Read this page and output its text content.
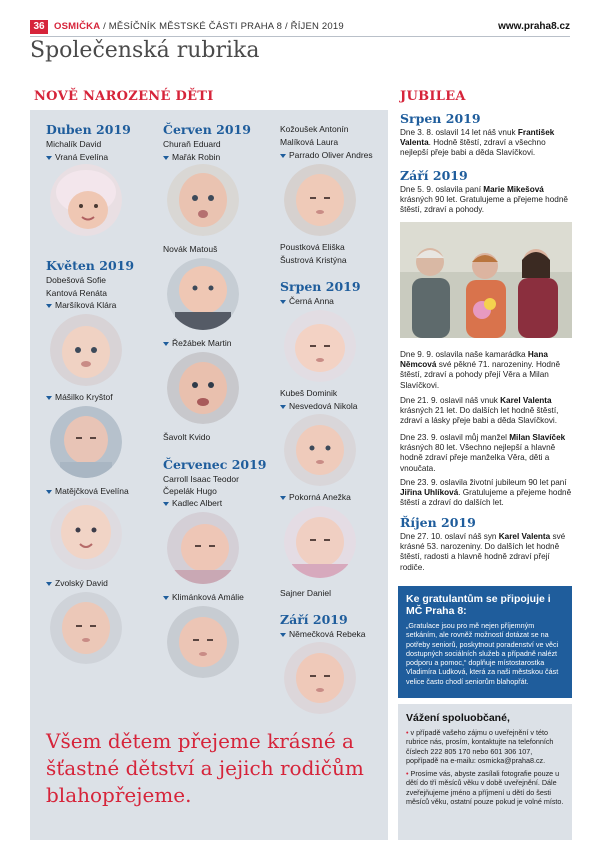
36 OSMIČKA / MĚSÍČNÍK MĚSTSKÉ ČÁSTI PRAHA 8 / ŘÍJEN 2019	www.praha8.cz
Společenská rubrika
NOVĚ NAROZENÉ DĚTI
Duben 2019
Michalík David
Vraná Evelína
Květen 2019
Dobešová Sofie
Kantová Renáta
Maršíková Klára
Mášilko Kryštof
Matějčková Evelína
Zvolský David
Červen 2019
Churaň Eduard
Mařák Robin
Novák Matouš
Řežábek Martin
Šavolt Kvido
Červenec 2019
Carroll Isaac Teodor
Čepelák Hugo
Kadlec Albert
Klimánková Amálie
Kožoušek Antonín
Malíková Laura
Parrado Oliver Andres
Poustková Eliška
Šustrová Kristýna
Srpen 2019
Černá Anna
Kubeš Dominik
Nesvedová Nikola
Pokorná Anežka
Sajner Daniel
Září 2019
Němečková Rebeka
Všem dětem přejeme krásné a šťastné dětství a jejich rodičům blahopřejeme.
JUBILEA
Srpen 2019
Dne 3. 8. oslavil 14 let náš vnuk František Valenta. Hodně štěstí, zdraví a všechno nejlepší přeje babi a děda Slavíčkovi.
Září 2019
Dne 5. 9. oslavila paní Marie Mikešová krásných 90 let. Gratulujeme a přejeme hodně štěstí, zdraví a pohody.
Dne 9. 9. oslavila naše kamarádka Hana Němcová své pěkné 71. narozeniny. Hodně štěstí, zdraví a pohody přejí Věra a Milan Slavíčkovi.
Dne 21. 9. oslavil náš vnuk Karel Valenta krásných 21 let. Do dalších let hodně štěstí, zdraví a lásky přeje babi a děda Slavíčkovi.
Dne 23. 9. oslavil můj manžel Milan Slavíček krásných 80 let. Všechno nejlepší a hlavně hodně zdraví přeje manželka Věra, děti a vnoučata.
Dne 23. 9. oslavila životní jubileum 90 let paní Jiřina Uhlíková. Gratulujeme a přejeme hodně štěstí a zdraví do dalších let.
Říjen 2019
Dne 27. 10. oslaví náš syn Karel Valenta své krásné 53. narozeniny. Do dalších let hodně štěstí, radosti a hlavně hodně zdraví přejí rodiče.
Ke gratulantům se připojuje i MČ Praha 8:
„Gratulace jsou pro mě nejen příjemným setkáním, ale rovněž možností dotázat se na potřeby seniorů, poskytnout poradenství ve věci dostupných sociálních služeb a případně nalézt podporu a pomoc,“ doplňuje místostarostka Vladimíra Ludková, která za naši městskou část velice často chodí seniorům blahopřát.
Vážení spoluobčané,
• v případě vašeho zájmu o uveřejnění v této rubrice nás, prosím, kontaktujte na telefonních číslech 222 805 170 nebo 601 306 107, popřípadě na e-mailu: osmicka@praha8.cz.
• Prosíme vás, abyste zasílali fotografie pouze u dětí do tří měsíců věku v době uveřejnění. Dále zveřejňujeme jméno a příjmení u dětí do šesti měsíců věku, ostatní pouze pokud je volné místo.
